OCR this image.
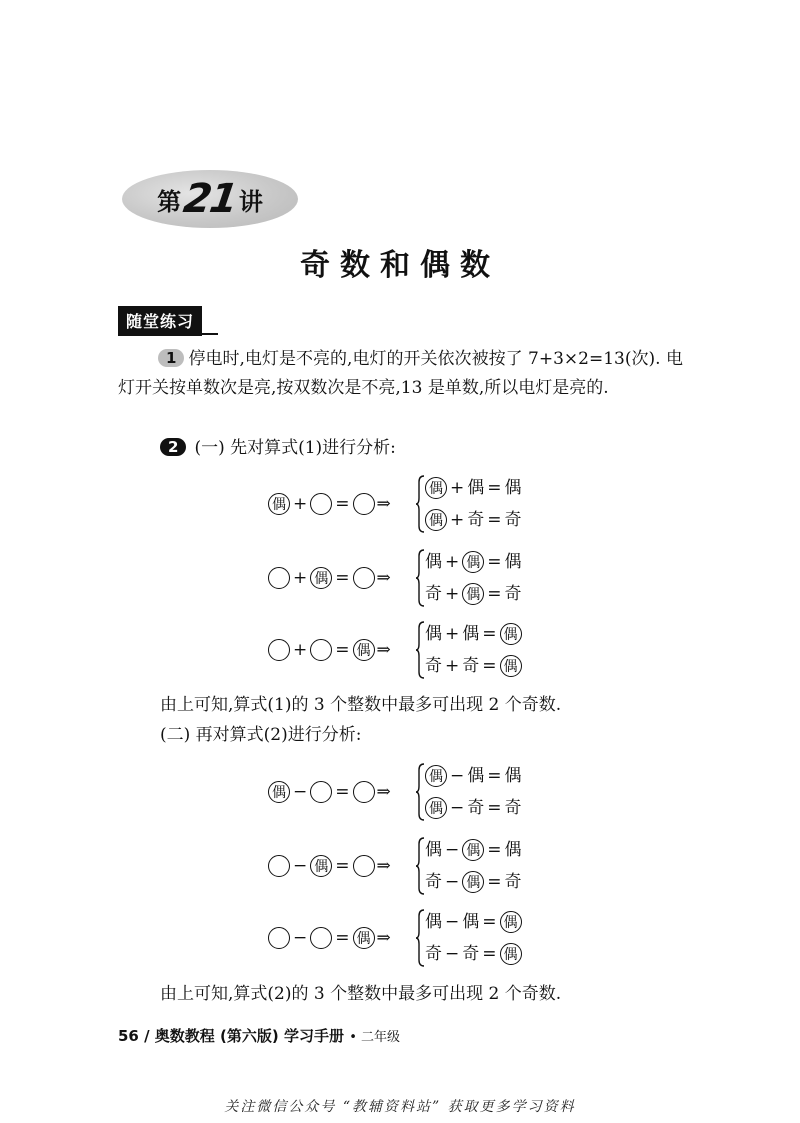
第 21 讲
奇数和偶数
随堂练习
1 停电时,电灯是不亮的,电灯的开关依次被按了 7+3×2=13(次). 电灯开关按单数次是亮,按双数次是不亮,13 是单数,所以电灯是亮的.
2 (一) 先对算式(1)进行分析:
偶 + = ⇒
偶 + 偶 = 偶
偶 + 奇 = 奇
+ 偶 = ⇒
偶 + 偶 = 偶
奇 + 偶 = 奇
+ = 偶 ⇒
偶 + 偶 = 偶
奇 + 奇 = 偶
偶 − = ⇒
偶 − 偶 = 偶
偶 − 奇 = 奇
− 偶 = ⇒
偶 − 偶 = 偶
奇 − 偶 = 奇
− = 偶 ⇒
偶 − 偶 = 偶
奇 − 奇 = 偶
由上可知,算式(1)的 3 个整数中最多可出现 2 个奇数.
(二) 再对算式(2)进行分析:
由上可知,算式(2)的 3 个整数中最多可出现 2 个奇数.
56 / 奥数教程 (第六版) 学习手册 • 二年级
关注微信公众号 “教辅资料站” 获取更多学习资料
